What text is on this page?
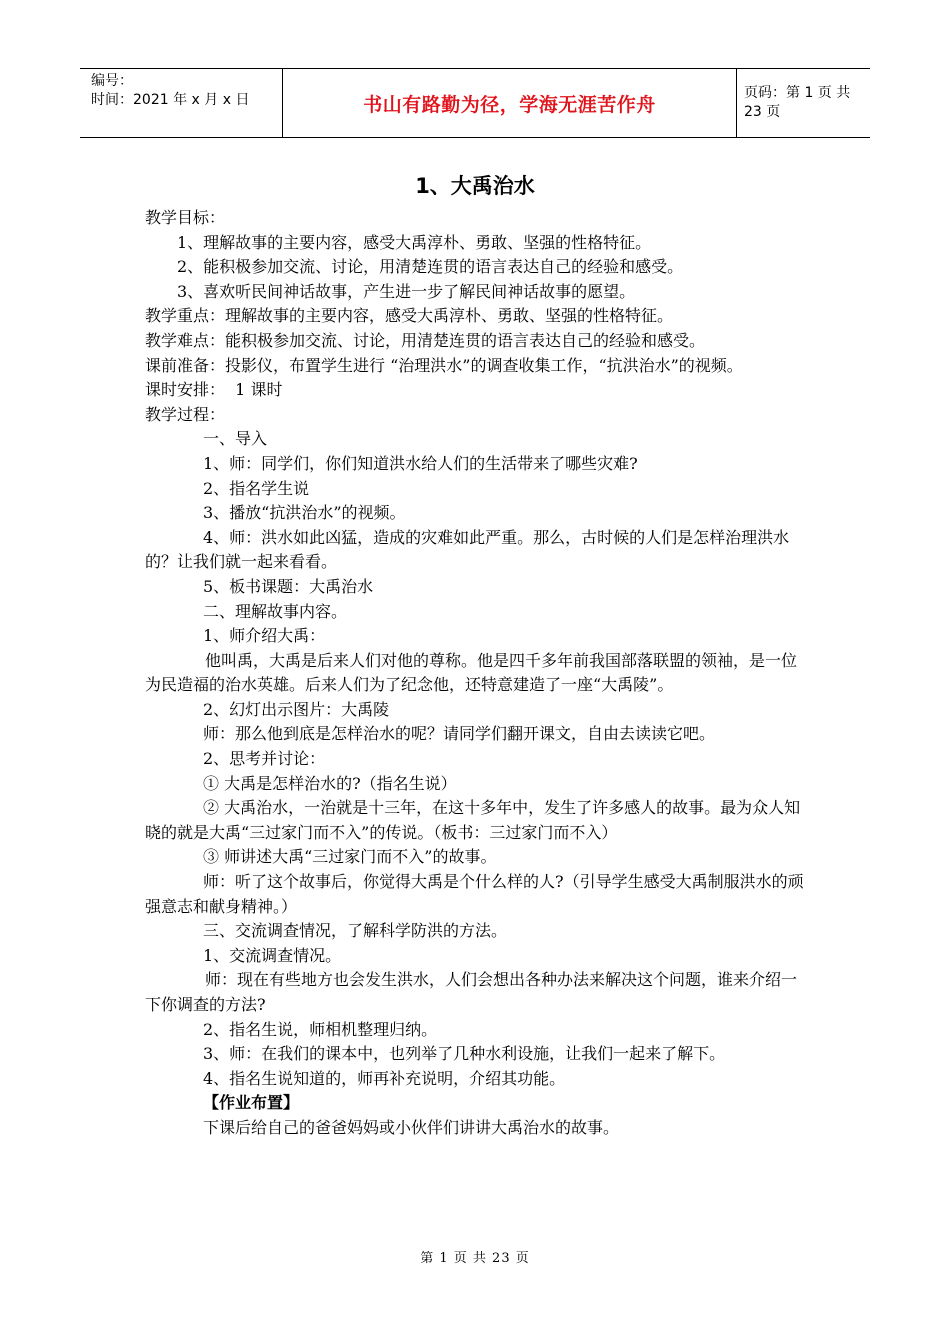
编号：
时间：2021 年 x 月 x 日	书山有路勤为径，学海无涯苦作舟
页码：第 1 页 共 23 页
1、大禹治水

教学目标：

1、理解故事的主要内容，感受大禹淳朴、勇敢、坚强的性格特征。

2、能积极参加交流、讨论，用清楚连贯的语言表达自己的经验和感受。

3、喜欢听民间神话故事，产生进一步了解民间神话故事的愿望。

教学重点：理解故事的主要内容，感受大禹淳朴、勇敢、坚强的性格特征。

教学难点：能积极参加交流、讨论，用清楚连贯的语言表达自己的经验和感受。

课前准备：投影仪，布置学生进行 “治理洪水”的调查收集工作，“抗洪治水”的视频。

课时安排：  1 课时

教学过程：

一、导入

1、师：同学们，你们知道洪水给人们的生活带来了哪些灾难?

2、指名学生说

3、播放“抗洪治水”的视频。

4、师：洪水如此凶猛，造成的灾难如此严重。那么，古时候的人们是怎样治理洪水的？让我们就一起来看看。

5、板书课题：大禹治水

二、理解故事内容。

1、师介绍大禹：

他叫禹，大禹是后来人们对他的尊称。他是四千多年前我国部落联盟的领袖，是一位为民造福的治水英雄。后来人们为了纪念他，还特意建造了一座“大禹陵”。

2、幻灯出示图片：大禹陵

师：那么他到底是怎样治水的呢？请同学们翻开课文，自由去读读它吧。

2、思考并讨论：

① 大禹是怎样治水的?（指名生说）

② 大禹治水，一治就是十三年，在这十多年中，发生了许多感人的故事。最为众人知晓的就是大禹“三过家门而不入”的传说。（板书：三过家门而不入）

③ 师讲述大禹“三过家门而不入”的故事。

师：听了这个故事后，你觉得大禹是个什么样的人?（引导学生感受大禹制服洪水的顽强意志和献身精神。）

三、交流调查情况，了解科学防洪的方法。

1、交流调查情况。

师：现在有些地方也会发生洪水，人们会想出各种办法来解决这个问题，谁来介绍一下你调查的方法?

2、指名生说，师相机整理归纳。

3、师：在我们的课本中，也列举了几种水利设施，让我们一起来了解下。

4、指名生说知道的，师再补充说明，介绍其功能。

【作业布置】

下课后给自己的爸爸妈妈或小伙伴们讲讲大禹治水的故事。

第 1 页 共 23 页
